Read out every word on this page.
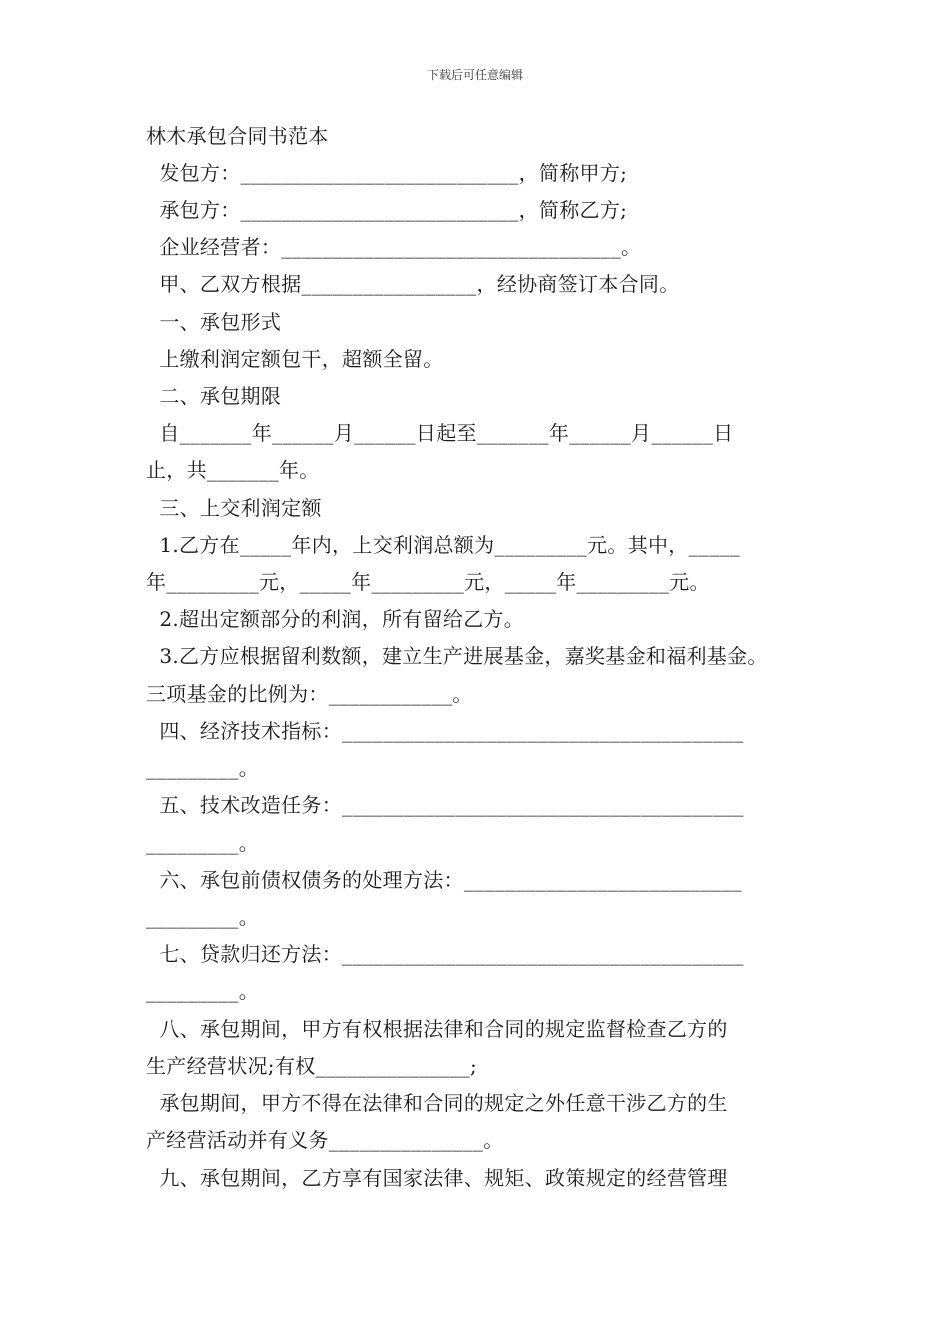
下载后可任意编辑
林木承包合同书范本
发包方：___________________________，简称甲方;
承包方：___________________________，简称乙方;
企业经营者：_________________________________。
甲、乙双方根据_________________，经协商签订本合同。
一、承包形式
上缴利润定额包干，超额全留。
二、承包期限
自_______年______月______日起至_______年______月______日
止，共_______年。
三、上交利润定额
1.乙方在_____年内，上交利润总额为_________元。其中，_____
年_________元，_____年_________元，_____年_________元。
2.超出定额部分的利润，所有留给乙方。
3.乙方应根据留利数额，建立生产进展基金，嘉奖基金和福利基金。
三项基金的比例为：____________。
四、经济技术指标：_______________________________________
_________。
五、技术改造任务：_______________________________________
_________。
六、承包前债权债务的处理方法：___________________________
_________。
七、贷款归还方法：_______________________________________
_________。
八、承包期间，甲方有权根据法律和合同的规定监督检查乙方的
生产经营状况;有权_______________;
承包期间，甲方不得在法律和合同的规定之外任意干涉乙方的生
产经营活动并有义务_______________。
九、承包期间，乙方享有国家法律、规矩、政策规定的经营管理
